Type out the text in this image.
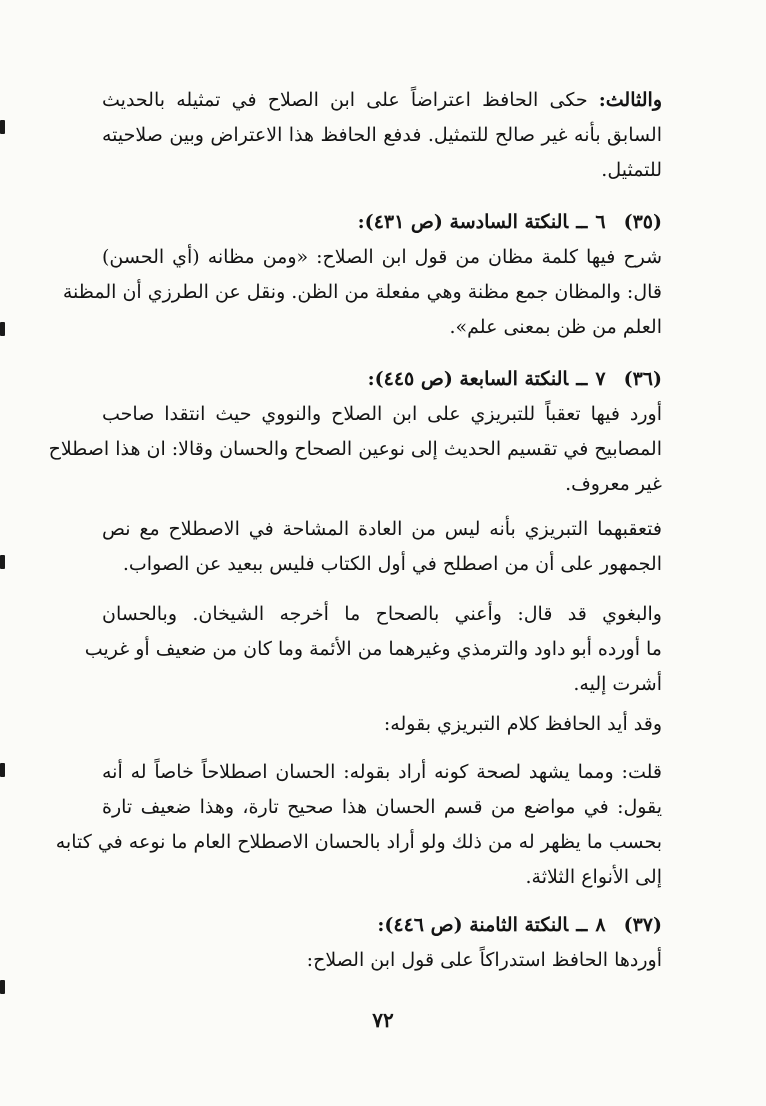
والثالث: حكى الحافظ اعتراضاً على ابن الصلاح في تمثيله بالحديث
السابق بأنه غير صالح للتمثيل. فدفع الحافظ هذا الاعتراض وبين صلاحيته
للتمثيل.
(٣٥)٦ــالنكتة السادسة (ص ٤٣١):
شرح فيها كلمة مظان من قول ابن الصلاح: «ومن مظانه (أي الحسن)
قال: والمظان جمع مظنة وهي مفعلة من الظن. ونقل عن الطرزي أن المظنة
العلم من ظن بمعنى علم».
(٣٦)٧ــالنكتة السابعة (ص ٤٤٥):
أورد فيها تعقباً للتبريزي على ابن الصلاح والنووي حيث انتقدا صاحب
المصابيح في تقسيم الحديث إلى نوعين الصحاح والحسان وقالا: ان هذا اصطلاح
غير معروف.
فتعقبهما التبريزي بأنه ليس من العادة المشاحة في الاصطلاح مع نص
الجمهور على أن من اصطلح في أول الكتاب فليس ببعيد عن الصواب.
والبغوي قد قال: وأعني بالصحاح ما أخرجه الشيخان. وبالحسان
ما أورده أبو داود والترمذي وغيرهما من الأئمة وما كان من ضعيف أو غريب
أشرت إليه.
وقد أيد الحافظ كلام التبريزي بقوله:
قلت: ومما يشهد لصحة كونه أراد بقوله: الحسان اصطلاحاً خاصاً له أنه
يقول: في مواضع من قسم الحسان هذا صحيح تارة، وهذا ضعيف تارة
بحسب ما يظهر له من ذلك ولو أراد بالحسان الاصطلاح العام ما نوعه في كتابه
إلى الأنواع الثلاثة.
(٣٧)٨ــالنكتة الثامنة (ص ٤٤٦):
أوردها الحافظ استدراكاً على قول ابن الصلاح:
٧٢
